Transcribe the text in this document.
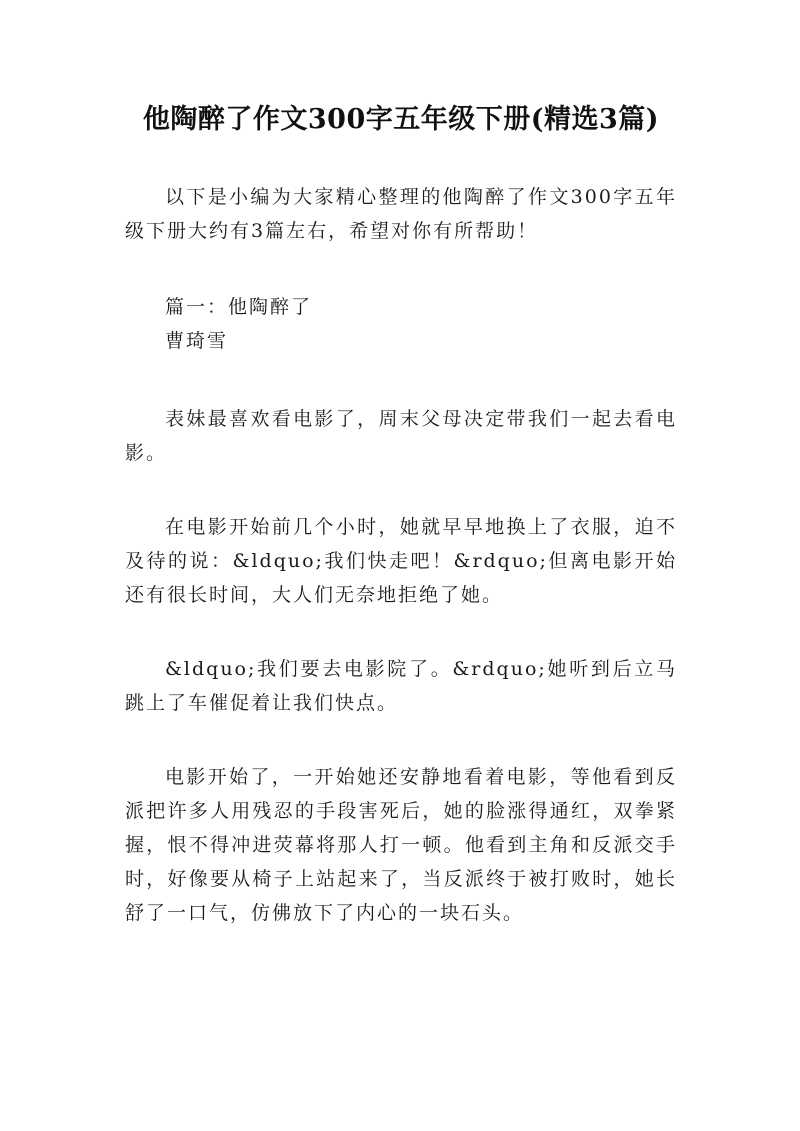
他陶醉了作文300字五年级下册(精选3篇)

以下是小编为大家精心整理的他陶醉了作文300字五年级下册大约有3篇左右，希望对你有所帮助！

篇一：他陶醉了

曹琦雪

表妹最喜欢看电影了，周末父母决定带我们一起去看电影。

在电影开始前几个小时，她就早早地换上了衣服，迫不及待的说：&ldquo;我们快走吧！&rdquo;但离电影开始还有很长时间，大人们无奈地拒绝了她。

&ldquo;我们要去电影院了。&rdquo;她听到后立马跳上了车催促着让我们快点。

电影开始了，一开始她还安静地看着电影，等他看到反派把许多人用残忍的手段害死后，她的脸涨得通红，双拳紧握，恨不得冲进荧幕将那人打一顿。他看到主角和反派交手时，好像要从椅子上站起来了，当反派终于被打败时，她长舒了一口气，仿佛放下了内心的一块石头。
